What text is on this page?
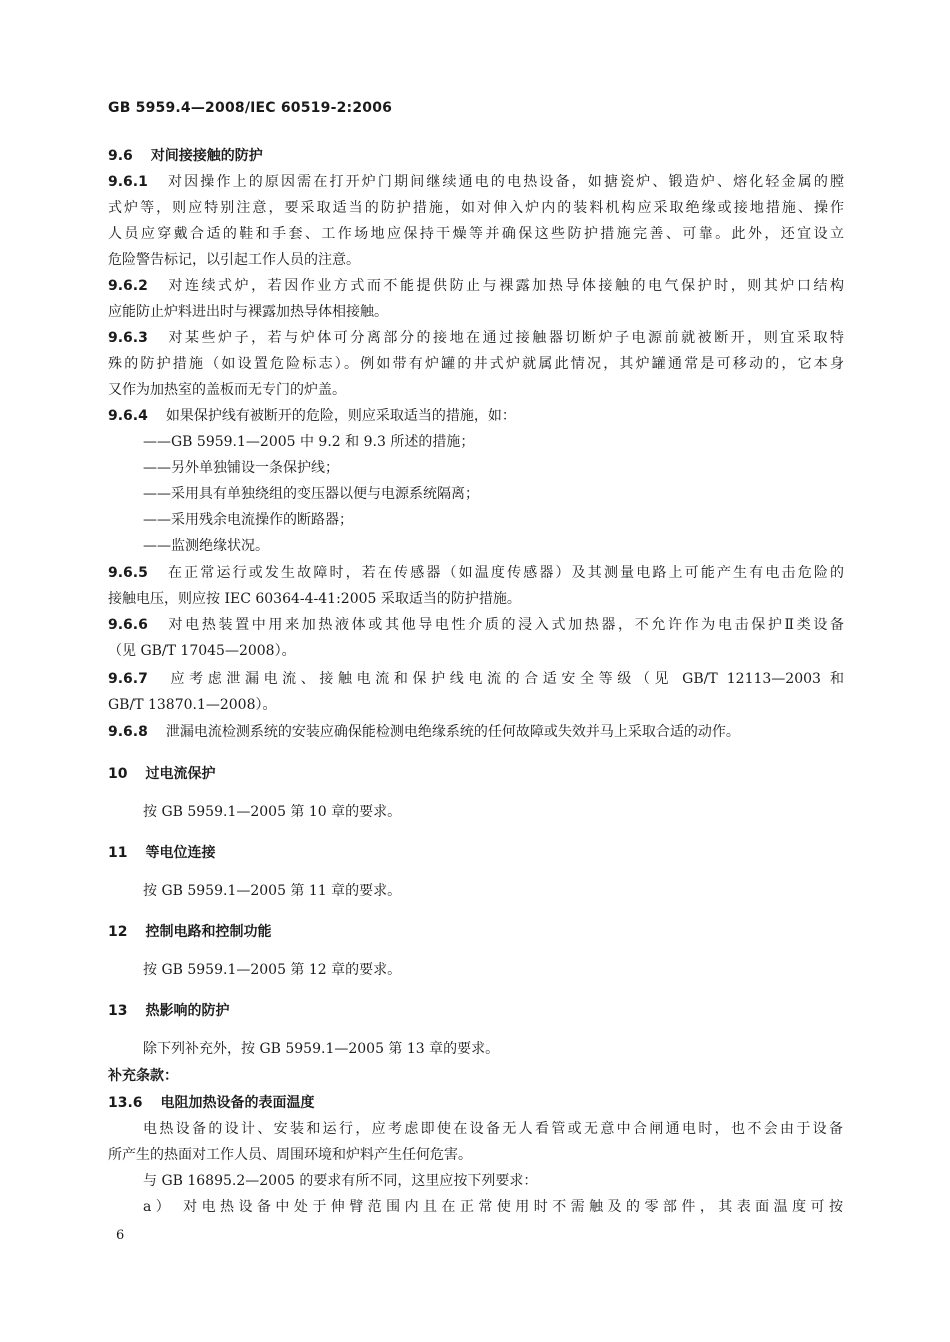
GB 5959.4—2008/IEC 60519-2:2006
9.6 对间接接触的防护
9.6.1 对因操作上的原因需在打开炉门期间继续通电的电热设备，如搪瓷炉、锻造炉、熔化轻金属的膛
式炉等，则应特别注意，要采取适当的防护措施，如对伸入炉内的装料机构应采取绝缘或接地措施、操作
人员应穿戴合适的鞋和手套、工作场地应保持干燥等并确保这些防护措施完善、可靠。此外，还宜设立
危险警告标记，以引起工作人员的注意。
9.6.2 对连续式炉，若因作业方式而不能提供防止与裸露加热导体接触的电气保护时，则其炉口结构
应能防止炉料进出时与裸露加热导体相接触。
9.6.3 对某些炉子，若与炉体可分离部分的接地在通过接触器切断炉子电源前就被断开，则宜采取特
殊的防护措施（如设置危险标志）。例如带有炉罐的井式炉就属此情况，其炉罐通常是可移动的，它本身
又作为加热室的盖板而无专门的炉盖。
9.6.4 如果保护线有被断开的危险，则应采取适当的措施，如：
——GB 5959.1—2005 中 9.2 和 9.3 所述的措施；
——另外单独铺设一条保护线；
——采用具有单独绕组的变压器以便与电源系统隔离；
——采用残余电流操作的断路器；
——监测绝缘状况。
9.6.5 在正常运行或发生故障时，若在传感器（如温度传感器）及其测量电路上可能产生有电击危险的
接触电压，则应按 IEC 60364-4-41:2005 采取适当的防护措施。
9.6.6 对电热装置中用来加热液体或其他导电性介质的浸入式加热器，不允许作为电击保护Ⅱ类设备
（见 GB/T 17045—2008）。
9.6.7 应考虑泄漏电流、接触电流和保护线电流的合适安全等级（见 GB/T 12113—2003 和
GB/T 13870.1—2008）。
9.6.8 泄漏电流检测系统的安装应确保能检测电绝缘系统的任何故障或失效并马上采取合适的动作。
10 过电流保护
按 GB 5959.1—2005 第 10 章的要求。
11 等电位连接
按 GB 5959.1—2005 第 11 章的要求。
12 控制电路和控制功能
按 GB 5959.1—2005 第 12 章的要求。
13 热影响的防护
除下列补充外，按 GB 5959.1—2005 第 13 章的要求。
补充条款：
13.6 电阻加热设备的表面温度
电热设备的设计、安装和运行，应考虑即使在设备无人看管或无意中合闸通电时，也不会由于设备
所产生的热面对工作人员、周围环境和炉料产生任何危害。
与 GB 16895.2—2005 的要求有所不同，这里应按下列要求：
a） 对电热设备中处于伸臂范围内且在正常使用时不需触及的零部件，其表面温度可按
6
